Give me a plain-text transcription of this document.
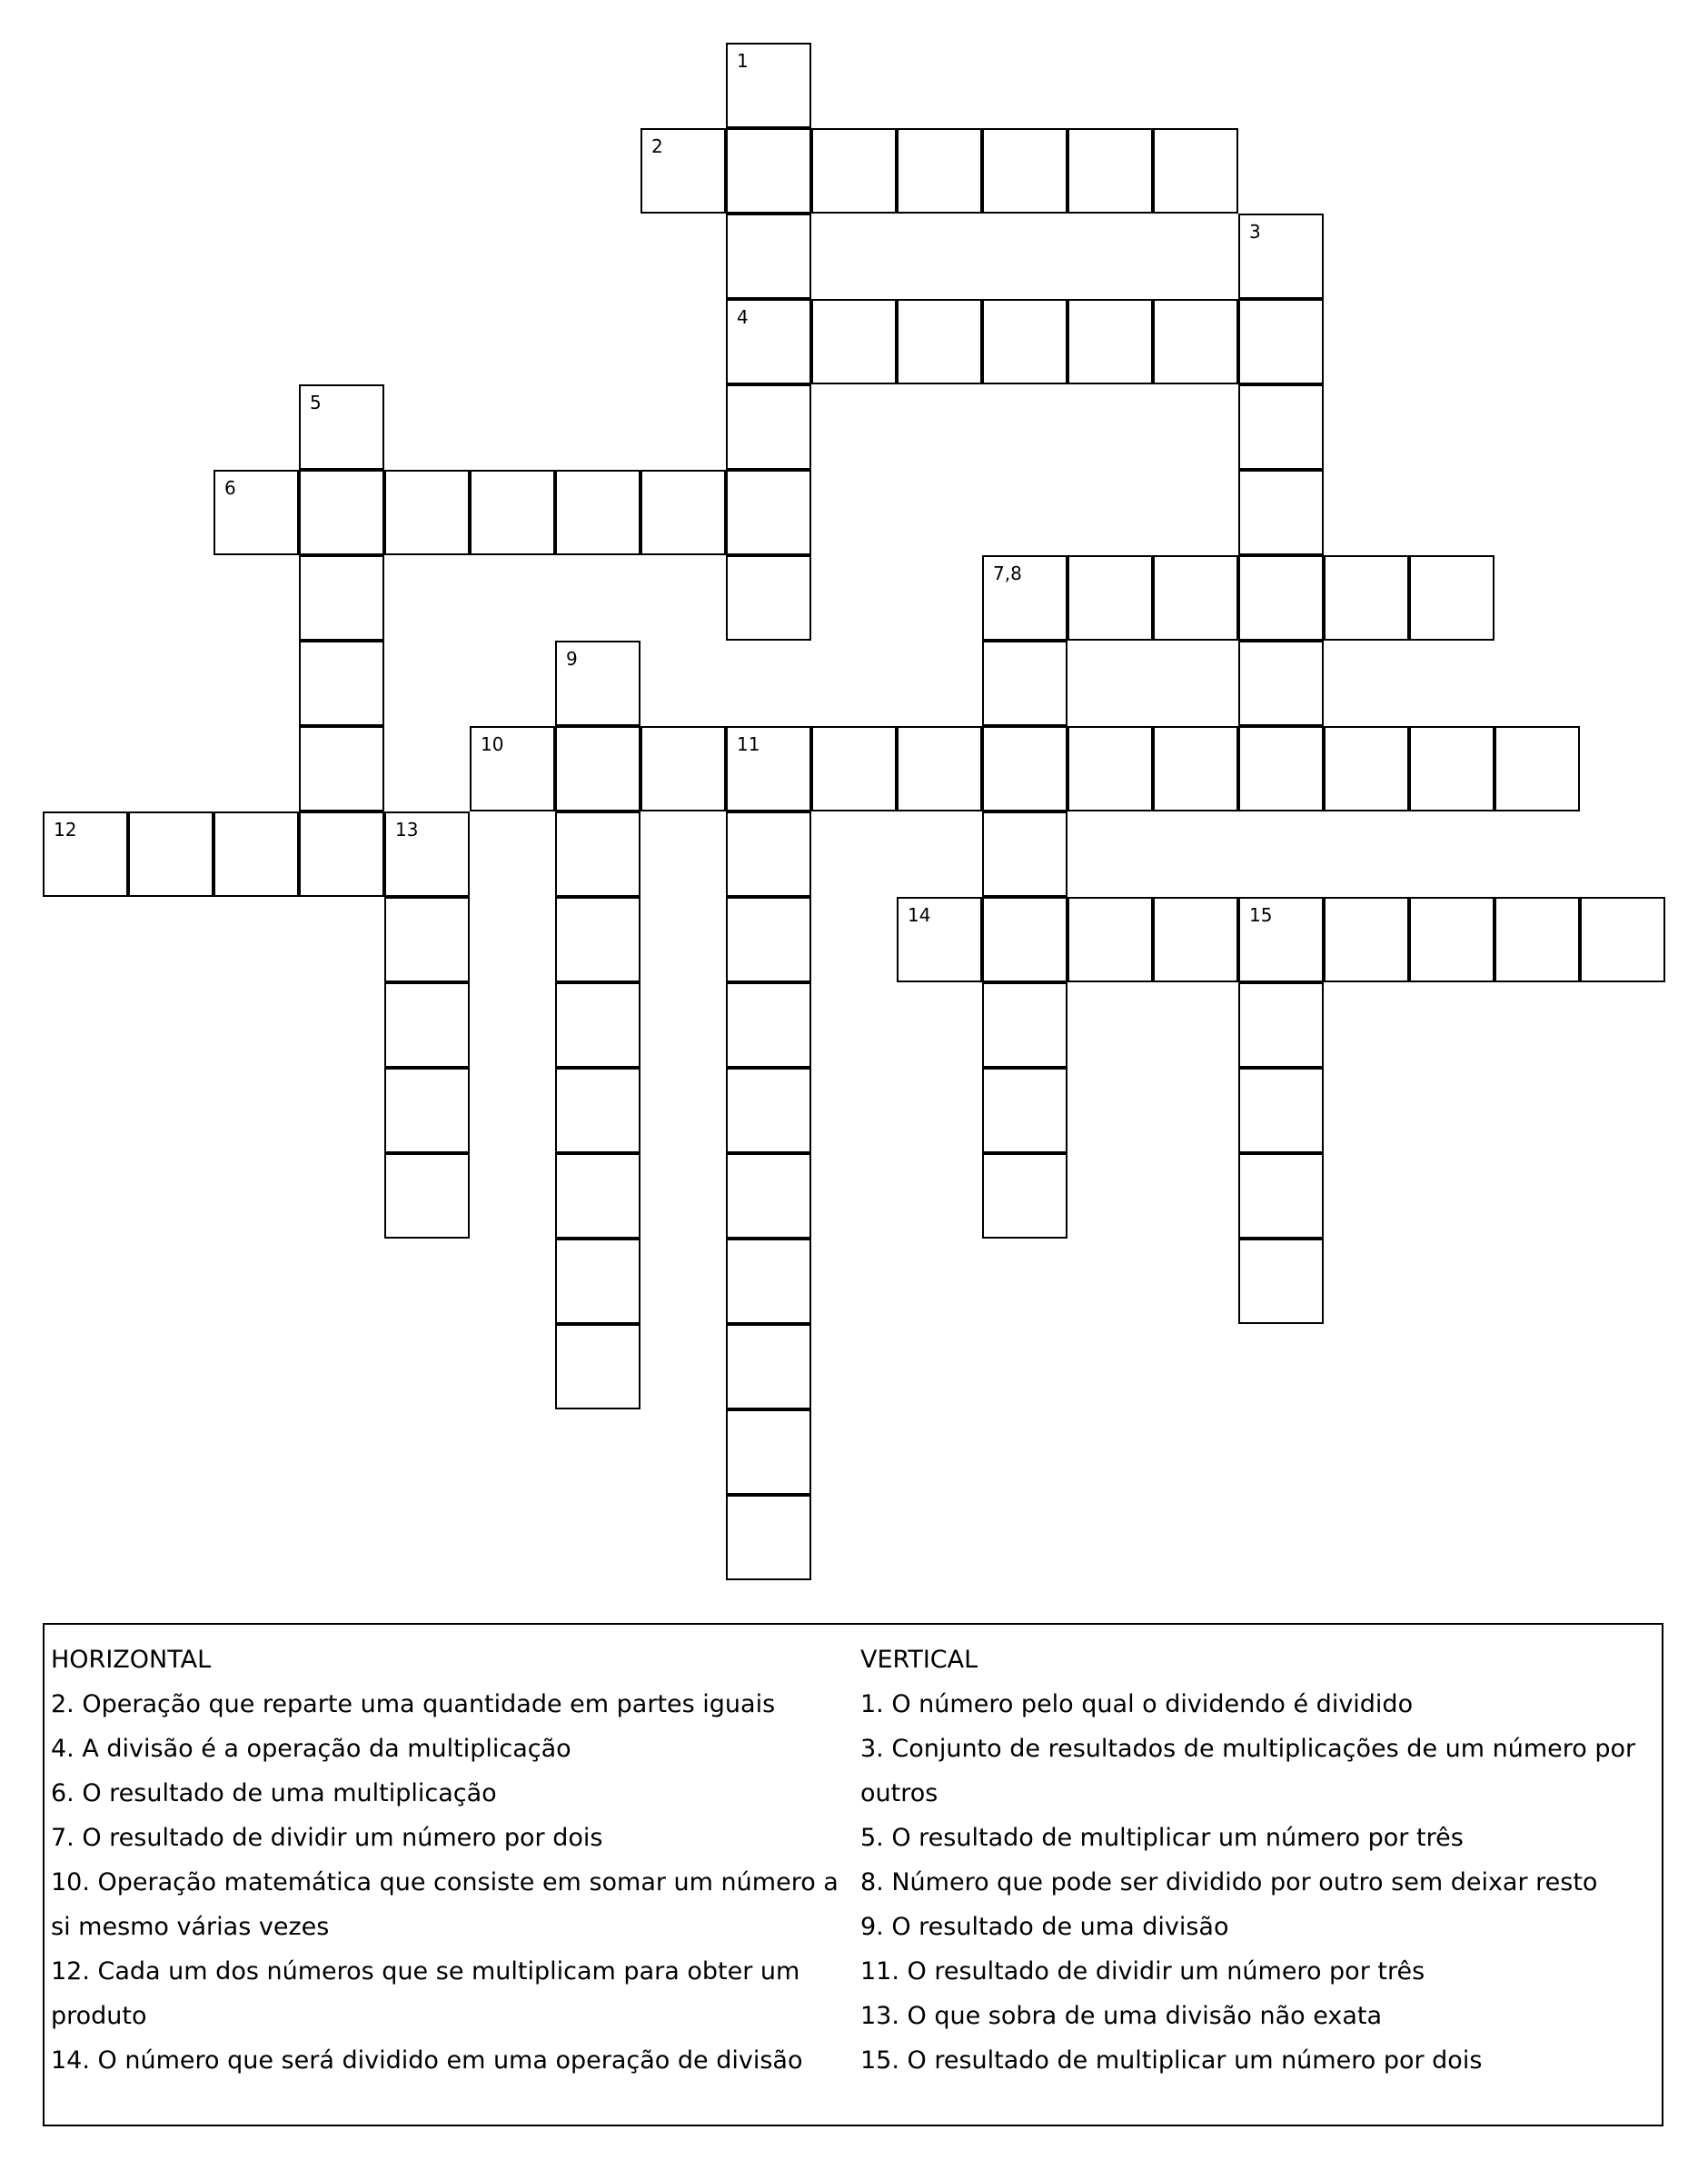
1
4
2
3
5
6
7,8
9
10	11
12	13
14	15
HORIZONTAL
2. Operação que reparte uma quantidade em partes iguais
4. A divisão é a operação da multiplicação
6. O resultado de uma multiplicação
7. O resultado de dividir um número por dois
10. Operação matemática que consiste em somar um número a si mesmo várias vezes
12. Cada um dos números que se multiplicam para obter um produto
14. O número que será dividido em uma operação de divisão
VERTICAL
1. O número pelo qual o dividendo é dividido
3. Conjunto de resultados de multiplicações de um número por outros
5. O resultado de multiplicar um número por três
8. Número que pode ser dividido por outro sem deixar resto
9. O resultado de uma divisão
11. O resultado de dividir um número por três
13. O que sobra de uma divisão não exata
15. O resultado de multiplicar um número por dois
